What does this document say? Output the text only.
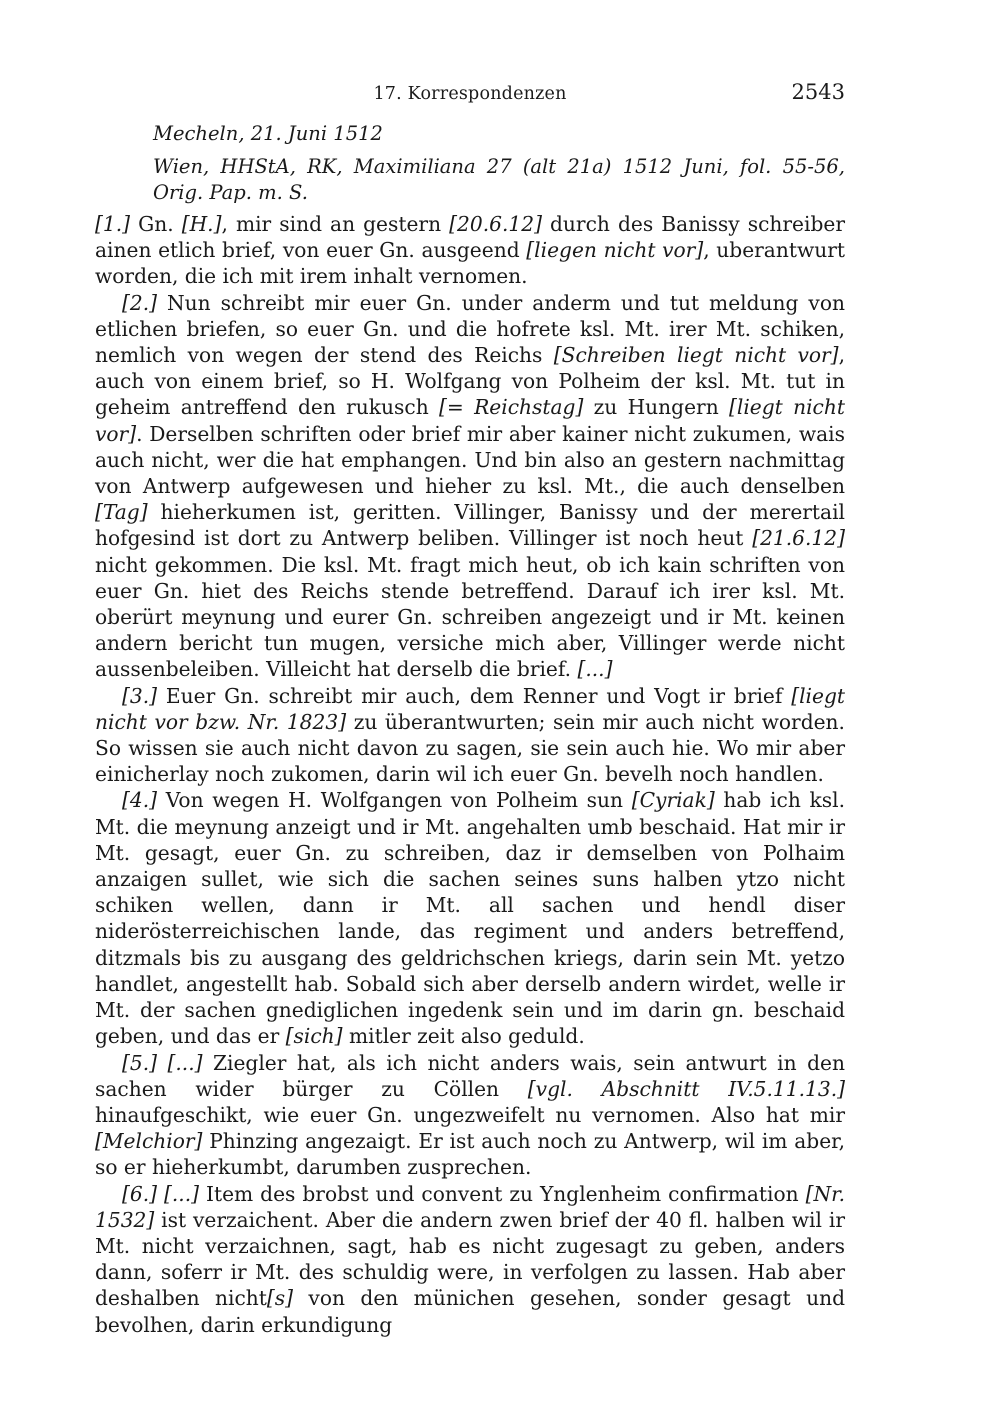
17. Korrespondenzen	2543
Mecheln, 21. Juni 1512
Wien, HHStA, RK, Maximiliana 27 (alt 21a) 1512 Juni, fol. 55-56, Orig. Pap. m. S.

[1.] Gn. [H.], mir sind an gestern [20.6.12] durch des Banissy schreiber ainen etlich brief, von euer Gn. ausgeend [liegen nicht vor], uberantwurt worden, die ich mit irem inhalt vernomen.

[2.] Nun schreibt mir euer Gn. under anderm und tut meldung von etlichen briefen, so euer Gn. und die hofrete ksl. Mt. irer Mt. schiken, nemlich von wegen der stend des Reichs [Schreiben liegt nicht vor], auch von einem brief, so H. Wolfgang von Polheim der ksl. Mt. tut in geheim antreffend den rukusch [= Reichstag] zu Hungern [liegt nicht vor]. Derselben schriften oder brief mir aber kainer nicht zukumen, wais auch nicht, wer die hat emphangen. Und bin also an gestern nachmittag von Antwerp aufgewesen und hieher zu ksl. Mt., die auch denselben [Tag] hieherkumen ist, geritten. Villinger, Banissy und der merertail hofgesind ist dort zu Antwerp beliben. Villinger ist noch heut [21.6.12] nicht gekommen. Die ksl. Mt. fragt mich heut, ob ich kain schriften von euer Gn. hiet des Reichs stende betreffend. Darauf ich irer ksl. Mt. oberürt meynung und eurer Gn. schreiben angezeigt und ir Mt. keinen andern bericht tun mugen, versiche mich aber, Villinger werde nicht aussenbeleiben. Villeicht hat derselb die brief. [...]

[3.] Euer Gn. schreibt mir auch, dem Renner und Vogt ir brief [liegt nicht vor bzw. Nr. 1823] zu überantwurten; sein mir auch nicht worden. So wissen sie auch nicht davon zu sagen, sie sein auch hie. Wo mir aber einicherlay noch zukomen, darin wil ich euer Gn. bevelh noch handlen.

[4.] Von wegen H. Wolfgangen von Polheim sun [Cyriak] hab ich ksl. Mt. die meynung anzeigt und ir Mt. angehalten umb beschaid. Hat mir ir Mt. gesagt, euer Gn. zu schreiben, daz ir demselben von Polhaim anzaigen sullet, wie sich die sachen seines suns halben ytzo nicht schiken wellen, dann ir Mt. all sachen und hendl diser niderösterreichischen lande, das regiment und anders betreffend, ditzmals bis zu ausgang des geldrichschen kriegs, darin sein Mt. yetzo handlet, angestellt hab. Sobald sich aber derselb andern wirdet, welle ir Mt. der sachen gnediglichen ingedenk sein und im darin gn. beschaid geben, und das er [sich] mitler zeit also geduld.

[5.] [...] Ziegler hat, als ich nicht anders wais, sein antwurt in den sachen wider bürger zu Cöllen [vgl. Abschnitt IV.5.11.13.] hinaufgeschikt, wie euer Gn. ungezweifelt nu vernomen. Also hat mir [Melchior] Phinzing angezaigt. Er ist auch noch zu Antwerp, wil im aber, so er hieherkumbt, darumben zusprechen.

[6.] [...] Item des brobst und convent zu Ynglenheim confirmation [Nr. 1532] ist verzaichent. Aber die andern zwen brief der 40 fl. halben wil ir Mt. nicht verzaichnen, sagt, hab es nicht zugesagt zu geben, anders dann, soferr ir Mt. des schuldig were, in verfolgen zu lassen. Hab aber deshalben nicht[s] von den münichen gesehen, sonder gesagt und bevolhen, darin erkundigung
